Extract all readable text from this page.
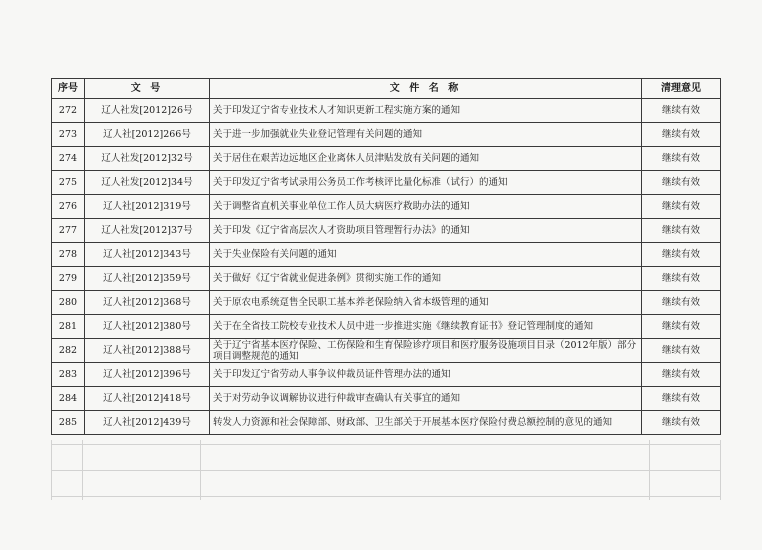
序号	文 号	文 件 名 称	清理意见
272	辽人社发[2012]26号	关于印发辽宁省专业技术人才知识更新工程实施方案的通知	继续有效
273	辽人社[2012]266号	关于进一步加强就业失业登记管理有关问题的通知	继续有效
274	辽人社发[2012]32号	关于居住在艰苦边远地区企业离休人员津贴发放有关问题的通知	继续有效
275	辽人社发[2012]34号	关于印发辽宁省考试录用公务员工作考核评比量化标准（试行）的通知	继续有效
276	辽人社[2012]319号	关于调整省直机关事业单位工作人员大病医疗救助办法的通知	继续有效
277	辽人社发[2012]37号	关于印发《辽宁省高层次人才资助项目管理暂行办法》的通知	继续有效
278	辽人社[2012]343号	关于失业保险有关问题的通知	继续有效
279	辽人社[2012]359号	关于做好《辽宁省就业促进条例》贯彻实施工作的通知	继续有效
280	辽人社[2012]368号	关于原农电系统趸售全民职工基本养老保险纳入省本级管理的通知	继续有效
281	辽人社[2012]380号	关于在全省技工院校专业技术人员中进一步推进实施《继续教育证书》登记管理制度的通知	继续有效
282	辽人社[2012]388号	关于辽宁省基本医疗保险、工伤保险和生育保险诊疗项目和医疗服务设施项目目录（2012年版）部分项目调整规范的通知	继续有效
283	辽人社[2012]396号	关于印发辽宁省劳动人事争议仲裁员证件管理办法的通知	继续有效
284	辽人社[2012]418号	关于对劳动争议调解协议进行仲裁审查确认有关事宜的通知	继续有效
285	辽人社[2012]439号	转发人力资源和社会保障部、财政部、卫生部关于开展基本医疗保险付费总额控制的意见的通知	继续有效
